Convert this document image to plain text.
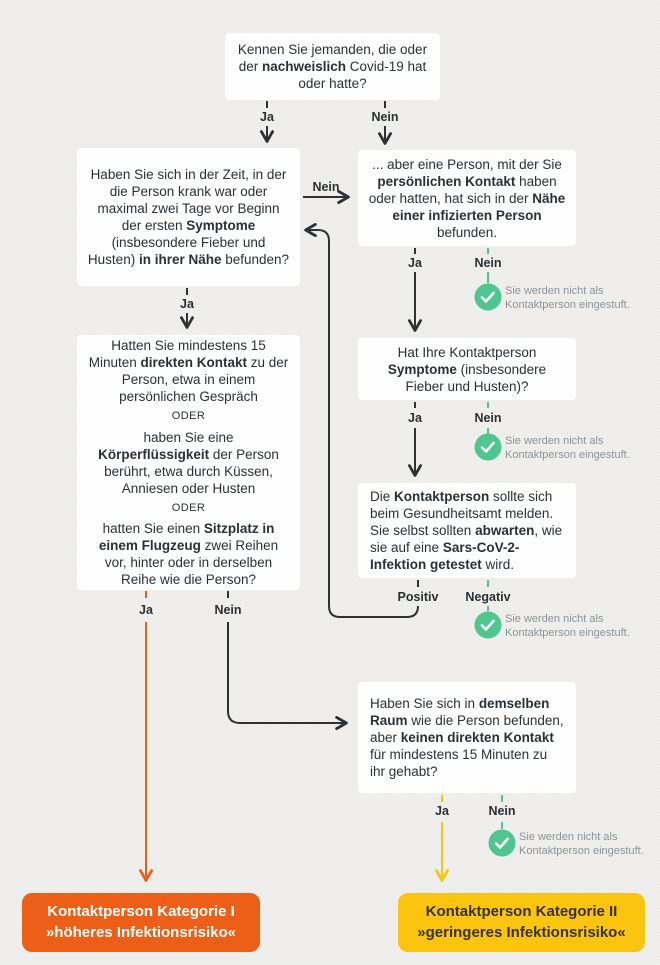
Kennen Sie jemanden, die oder der nachweislich Covid-19 hat oder hatte?
Haben Sie sich in der Zeit, in der die Person krank war oder maximal zwei Tage vor Beginn der ersten Symptome (insbesondere Fieber und Husten) in ihrer Nähe befunden?
... aber eine Person, mit der Sie persönlichen Kontakt haben oder hatten, hat sich in der Nähe einer infizierten Person befunden.
Hatten Sie mindestens 15 Minuten direkten Kontakt zu der Person, etwa in einem persönlichen Gespräch
ODER
haben Sie eine Körperflüssigkeit der Person berührt, etwa durch Küssen, Anniesen oder Husten
ODER
hatten Sie einen Sitzplatz in einem Flugzeug zwei Reihen vor, hinter oder in derselben Reihe wie die Person?
Hat Ihre Kontaktperson Symptome (insbesondere Fieber und Husten)?
Die Kontaktperson sollte sich beim Gesundheitsamt melden. Sie selbst sollten abwarten, wie sie auf eine Sars-CoV-2-Infektion getestet wird.
Haben Sie sich in demselben Raum wie die Person befunden, aber keinen direkten Kontakt für mindestens 15 Minuten zu ihr gehabt?
Ja	Nein
Nein
Ja
Ja	Nein
Ja	Nein
Positiv Negativ
Ja	Nein
Ja	Nein
Sie werden nicht als Kontaktperson eingestuft.
Sie werden nicht als Kontaktperson eingestuft.
Sie werden nicht als Kontaktperson eingestuft.
Sie werden nicht als Kontaktperson eingestuft.
Kontaktperson Kategorie I
»höheres Infektionsrisiko«
Kontaktperson Kategorie II
»geringeres Infektionsrisiko«
